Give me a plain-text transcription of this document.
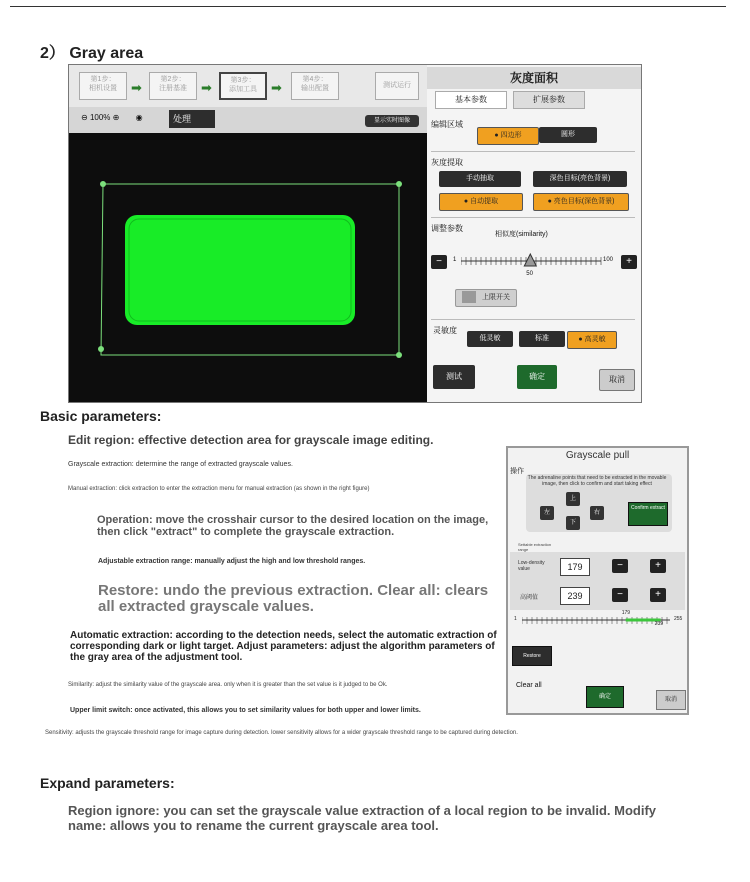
2） Gray area
第1步：
相机设置	➡
第2步：
注册基准	➡	第3步：
添加工具	➡
第4步：
输出配置	测试运行
⊖ 100% ⊕ ◉	处理	显示实时图像
灰度面积
基本参数	扩展参数
编辑区域
● 四边形	圆形
灰度提取
手动抽取	深色目标(亮色背景)
● 自动提取	● 亮色目标(深色背景)
调整参数
相似度(similarity)
−	1
50
100	+
上限开关
灵敏度
低灵敏	标准	● 高灵敏
测试	确定	取消
Basic parameters:
Edit region: effective detection area for grayscale image editing.
Grayscale extraction: determine the range of extracted grayscale values.
Manual extraction: click extraction to enter the extraction menu for manual extraction (as shown in the right figure)
Operation: move the crosshair cursor to the desired location on the image, then click "extract" to complete the grayscale extraction.
Adjustable extraction range: manually adjust the high and low threshold ranges.
Restore: undo the previous extraction. Clear all: clears all extracted grayscale values.
Automatic extraction: according to the detection needs, select the automatic extraction of corresponding dark or light target. Adjust parameters: adjust the algorithm parameters of the gray area of the adjustment tool.
Similarity: adjust the similarity value of the grayscale area. only when it is greater than the set value is it judged to be Ok.
Upper limit switch: once activated, this allows you to set similarity values for both upper and lower limits.
Sensitivity: adjusts the grayscale threshold range for image capture during detection. lower sensitivity allows for a wider grayscale threshold range to be captured during detection.
Grayscale pull
操作
The adrenaline points that need to be extracted in the movable image, then click to confirm and start taking effect
左
上
下
右
Confirm extract
Settable extraction range
Low-density value	179	−	+
高阈值	239	−	+
1
179
239
255
Restore
Clear all
确定	取消
Expand parameters:
Region ignore: you can set the grayscale value extraction of a local region to be invalid. Modify name: allows you to rename the current grayscale area tool.
